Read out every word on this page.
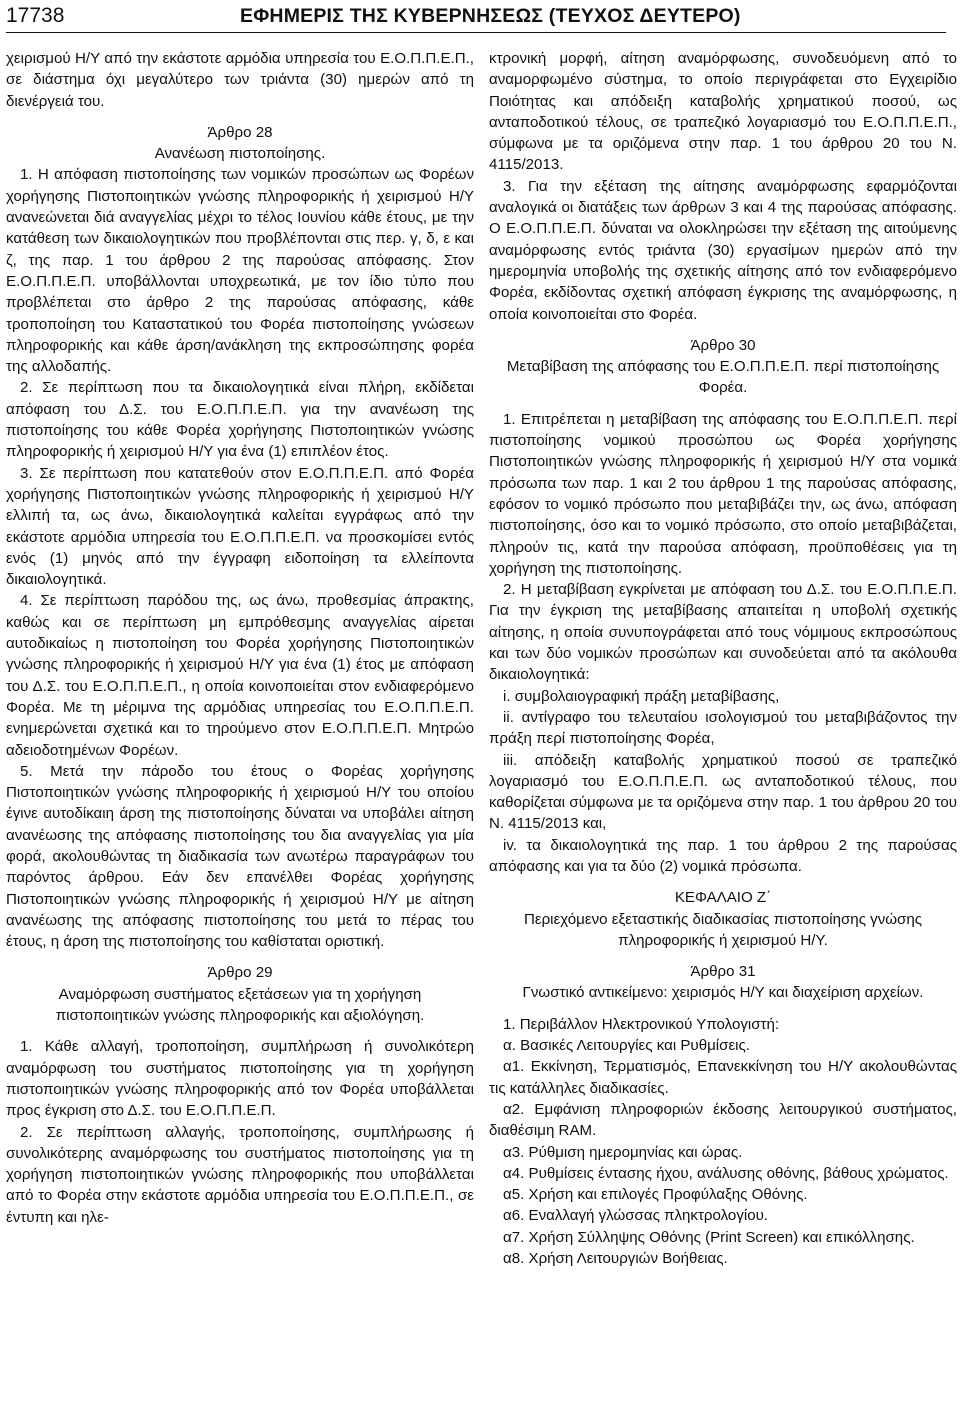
17738	ΕΦΗΜΕΡΙΣ ΤΗΣ ΚΥΒΕΡΝΗΣΕΩΣ (ΤΕΥΧΟΣ ΔΕΥΤΕΡΟ)

χειρισμού Η/Υ από την εκάστοτε αρμόδια υπηρεσία του Ε.Ο.Π.Π.Ε.Π., σε διάστημα όχι μεγαλύτερο των τριάντα (30) ημερών από τη διενέργειά του.

Άρθρο 28

Ανανέωση πιστοποίησης.

1. Η απόφαση πιστοποίησης των νομικών προσώπων ως Φορέων χορήγησης Πιστοποιητικών γνώσης πληροφορικής ή χειρισμού Η/Υ ανανεώνεται διά αναγγελίας μέχρι το τέλος Ιουνίου κάθε έτους, με την κατάθεση των δικαιολογητικών που προβλέπονται στις περ. γ, δ, ε και ζ, της παρ. 1 του άρθρου 2 της παρούσας απόφασης. Στον Ε.Ο.Π.Π.Ε.Π. υποβάλλονται υποχρεωτικά, με τον ίδιο τύπο που προβλέπεται στο άρθρο 2 της παρούσας απόφασης, κάθε τροποποίηση του Καταστατικού του Φορέα πιστοποίησης γνώσεων πληροφορικής και κάθε άρση/ανάκληση της εκπροσώπησης φορέα της αλλοδαπής.

2. Σε περίπτωση που τα δικαιολογητικά είναι πλήρη, εκδίδεται απόφαση του Δ.Σ. του Ε.Ο.Π.Π.Ε.Π. για την ανανέωση της πιστοποίησης του κάθε Φορέα χορήγησης Πιστοποιητικών γνώσης πληροφορικής ή χειρισμού Η/Υ για ένα (1) επιπλέον έτος.

3. Σε περίπτωση που κατατεθούν στον Ε.Ο.Π.Π.Ε.Π. από Φορέα χορήγησης Πιστοποιητικών γνώσης πληροφορικής ή χειρισμού Η/Υ ελλιπή τα, ως άνω, δικαιολογητικά καλείται εγγράφως από την εκάστοτε αρμόδια υπηρεσία του Ε.Ο.Π.Π.Ε.Π. να προσκομίσει εντός ενός (1) μηνός από την έγγραφη ειδοποίηση τα ελλείποντα δικαιολογητικά.

4. Σε περίπτωση παρόδου της, ως άνω, προθεσμίας άπρακτης, καθώς και σε περίπτωση μη εμπρόθεσμης αναγγελίας αίρεται αυτοδικαίως η πιστοποίηση του Φορέα χορήγησης Πιστοποιητικών γνώσης πληροφορικής ή χειρισμού Η/Υ για ένα (1) έτος με απόφαση του Δ.Σ. του Ε.Ο.Π.Π.Ε.Π., η οποία κοινοποιείται στον ενδιαφερόμενο Φορέα. Με τη μέριμνα της αρμόδιας υπηρεσίας του Ε.Ο.Π.Π.Ε.Π. ενημερώνεται σχετικά και το τηρούμενο στον Ε.Ο.Π.Π.Ε.Π. Μητρώο αδειοδοτημένων Φορέων.

5. Μετά την πάροδο του έτους ο Φορέας χορήγησης Πιστοποιητικών γνώσης πληροφορικής ή χειρισμού Η/Υ του οποίου έγινε αυτοδίκαιη άρση της πιστοποίησης δύναται να υποβάλει αίτηση ανανέωσης της απόφασης πιστοποίησης του δια αναγγελίας για μία φορά, ακολουθώντας τη διαδικασία των ανωτέρω παραγράφων του παρόντος άρθρου. Εάν δεν επανέλθει Φορέας χορήγησης Πιστοποιητικών γνώσης πληροφορικής ή χειρισμού Η/Υ με αίτηση ανανέωσης της απόφασης πιστοποίησης του μετά το πέρας του έτους, η άρση της πιστοποίησης του καθίσταται οριστική.

Άρθρο 29

Αναμόρφωση συστήματος εξετάσεων για τη χορήγηση πιστοποιητικών γνώσης πληροφορικής και αξιολόγηση.

1. Κάθε αλλαγή, τροποποίηση, συμπλήρωση ή συνολικότερη αναμόρφωση του συστήματος πιστοποίησης για τη χορήγηση πιστοποιητικών γνώσης πληροφορικής από τον Φορέα υποβάλλεται προς έγκριση στο Δ.Σ. του Ε.Ο.Π.Π.Ε.Π.

2. Σε περίπτωση αλλαγής, τροποποίησης, συμπλήρωσης ή συνολικότερης αναμόρφωσης του συστήματος πιστοποίησης για τη χορήγηση πιστοποιητικών γνώσης πληροφορικής που υποβάλλεται από το Φορέα στην εκάστοτε αρμόδια υπηρεσία του Ε.Ο.Π.Π.Ε.Π., σε έντυπη και ηλε-

κτρονική μορφή, αίτηση αναμόρφωσης, συνοδευόμενη από το αναμορφωμένο σύστημα, το οποίο περιγράφεται στο Εγχειρίδιο Ποιότητας και απόδειξη καταβολής χρηματικού ποσού, ως ανταποδοτικού τέλους, σε τραπεζικό λογαριασμό του Ε.Ο.Π.Π.Ε.Π., σύμφωνα με τα οριζόμενα στην παρ. 1 του άρθρου 20 του Ν. 4115/2013.

3. Για την εξέταση της αίτησης αναμόρφωσης εφαρμόζονται αναλογικά οι διατάξεις των άρθρων 3 και 4 της παρούσας απόφασης. Ο Ε.Ο.Π.Π.Ε.Π. δύναται να ολοκληρώσει την εξέταση της αιτούμενης αναμόρφωσης εντός τριάντα (30) εργασίμων ημερών από την ημερομηνία υποβολής της σχετικής αίτησης από τον ενδιαφερόμενο Φορέα, εκδίδοντας σχετική απόφαση έγκρισης της αναμόρφωσης, η οποία κοινοποιείται στο Φορέα.

Άρθρο 30

Μεταβίβαση της απόφασης του Ε.Ο.Π.Π.Ε.Π. περί πιστοποίησης Φορέα.

1. Επιτρέπεται η μεταβίβαση της απόφασης του Ε.Ο.Π.Π.Ε.Π. περί πιστοποίησης νομικού προσώπου ως Φορέα χορήγησης Πιστοποιητικών γνώσης πληροφορικής ή χειρισμού Η/Υ στα νομικά πρόσωπα των παρ. 1 και 2 του άρθρου 1 της παρούσας απόφασης, εφόσον το νομικό πρόσωπο που μεταβιβάζει την, ως άνω, απόφαση πιστοποίησης, όσο και το νομικό πρόσωπο, στο οποίο μεταβιβάζεται, πληρούν τις, κατά την παρούσα απόφαση, προϋποθέσεις για τη χορήγηση της πιστοποίησης.

2. Η μεταβίβαση εγκρίνεται με απόφαση του Δ.Σ. του Ε.Ο.Π.Π.Ε.Π. Για την έγκριση της μεταβίβασης απαιτείται η υποβολή σχετικής αίτησης, η οποία συνυπογράφεται από τους νόμιμους εκπροσώπους και των δύο νομικών προσώπων και συνοδεύεται από τα ακόλουθα δικαιολογητικά:

i. συμβολαιογραφική πράξη μεταβίβασης,

ii. αντίγραφο του τελευταίου ισολογισμού του μεταβιβάζοντος την πράξη περί πιστοποίησης Φορέα,

iii. απόδειξη καταβολής χρηματικού ποσού σε τραπεζικό λογαριασμό του Ε.Ο.Π.Π.Ε.Π. ως ανταποδοτικού τέλους, που καθορίζεται σύμφωνα με τα οριζόμενα στην παρ. 1 του άρθρου 20 του Ν. 4115/2013 και,

iv. τα δικαιολογητικά της παρ. 1 του άρθρου 2 της παρούσας απόφασης και για τα δύο (2) νομικά πρόσωπα.

ΚΕΦΑΛΑΙΟ Ζ΄

Περιεχόμενο εξεταστικής διαδικασίας πιστοποίησης γνώσης πληροφορικής ή χειρισμού Η/Υ.

Άρθρο 31

Γνωστικό αντικείμενο: χειρισμός Η/Υ και διαχείριση αρχείων.

1. Περιβάλλον Ηλεκτρονικού Υπολογιστή:

α. Βασικές Λειτουργίες και Ρυθμίσεις.

α1. Εκκίνηση, Τερματισμός, Επανεκκίνηση του Η/Υ ακολουθώντας τις κατάλληλες διαδικασίες.

α2. Εμφάνιση πληροφοριών έκδοσης λειτουργικού συστήματος, διαθέσιμη RAM.

α3. Ρύθμιση ημερομηνίας και ώρας.

α4. Ρυθμίσεις έντασης ήχου, ανάλυσης οθόνης, βάθους χρώματος.

α5. Χρήση και επιλογές Προφύλαξης Οθόνης.

α6. Εναλλαγή γλώσσας πληκτρολογίου.

α7. Χρήση Σύλληψης Οθόνης (Print Screen) και επικόλλησης.

α8. Χρήση Λειτουργιών Βοήθειας.
